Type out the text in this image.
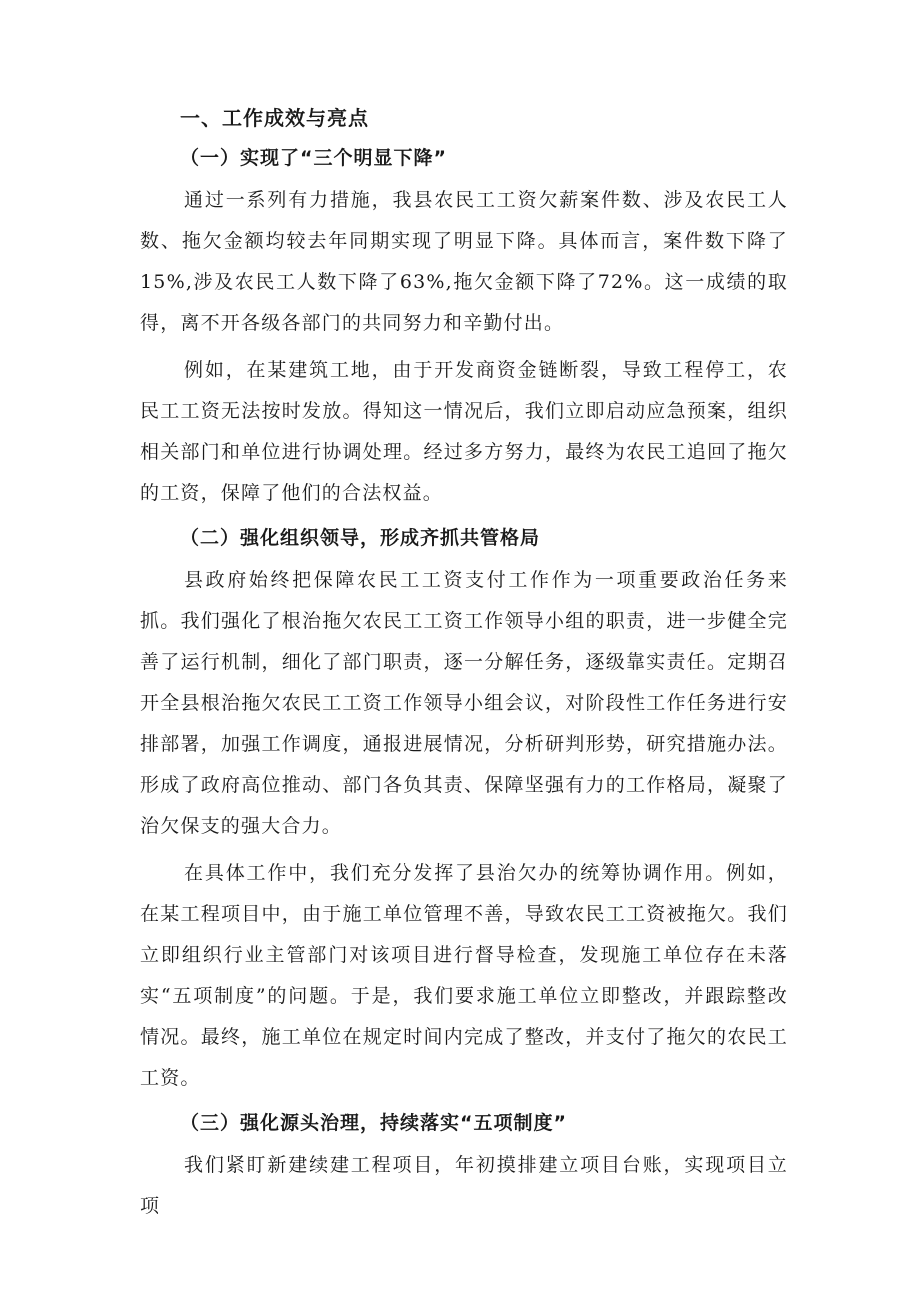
一、工作成效与亮点
（一）实现了“三个明显下降”
通过一系列有力措施，我县农民工工资欠薪案件数、涉及农民工人数、拖欠金额均较去年同期实现了明显下降。具体而言，案件数下降了15%,涉及农民工人数下降了63%,拖欠金额下降了72%。这一成绩的取得，离不开各级各部门的共同努力和辛勤付出。
例如，在某建筑工地，由于开发商资金链断裂，导致工程停工，农民工工资无法按时发放。得知这一情况后，我们立即启动应急预案，组织相关部门和单位进行协调处理。经过多方努力，最终为农民工追回了拖欠的工资，保障了他们的合法权益。
（二）强化组织领导，形成齐抓共管格局
县政府始终把保障农民工工资支付工作作为一项重要政治任务来抓。我们强化了根治拖欠农民工工资工作领导小组的职责，进一步健全完善了运行机制，细化了部门职责，逐一分解任务，逐级靠实责任。定期召开全县根治拖欠农民工工资工作领导小组会议，对阶段性工作任务进行安排部署，加强工作调度，通报进展情况，分析研判形势，研究措施办法。形成了政府高位推动、部门各负其责、保障坚强有力的工作格局，凝聚了治欠保支的强大合力。
在具体工作中，我们充分发挥了县治欠办的统筹协调作用。例如，在某工程项目中，由于施工单位管理不善，导致农民工工资被拖欠。我们立即组织行业主管部门对该项目进行督导检查，发现施工单位存在未落实“五项制度”的问题。于是，我们要求施工单位立即整改，并跟踪整改情况。最终，施工单位在规定时间内完成了整改，并支付了拖欠的农民工工资。
（三）强化源头治理，持续落实“五项制度”
我们紧盯新建续建工程项目，年初摸排建立项目台账，实现项目立项
